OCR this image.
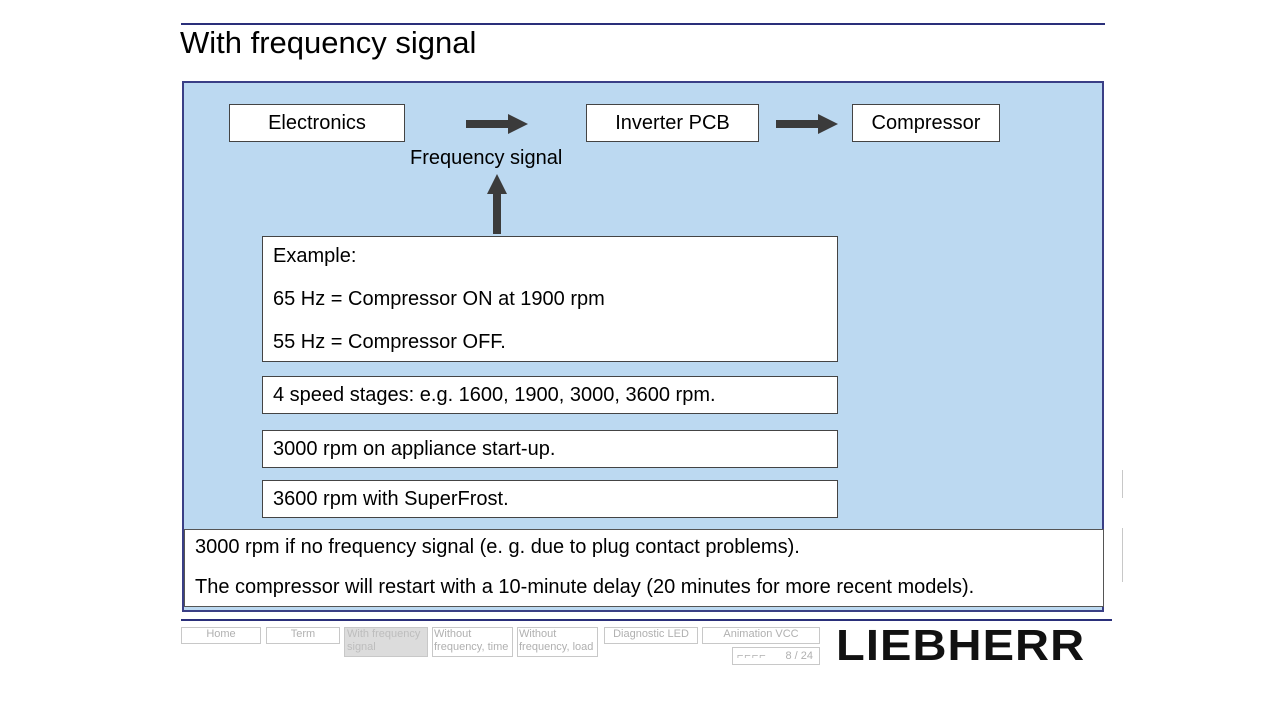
With frequency signal
Electronics	Inverter PCB	Compressor
Frequency signal
Example:
65 Hz = Compressor ON at 1900 rpm
55 Hz = Compressor OFF.
4 speed stages: e.g. 1600, 1900, 3000, 3600 rpm.
3000 rpm on appliance start-up.
3600 rpm with SuperFrost.
3000 rpm if no frequency signal (e. g. due to plug contact problems).
The compressor will restart with a 10-minute delay (20 minutes for more recent models).
Home	Term	With frequency signal
Without frequency, time
Without frequency, load
Diagnostic LED	Animation VCC
⌐⌐⌐⌐ 8 / 24 LIEBHERR
